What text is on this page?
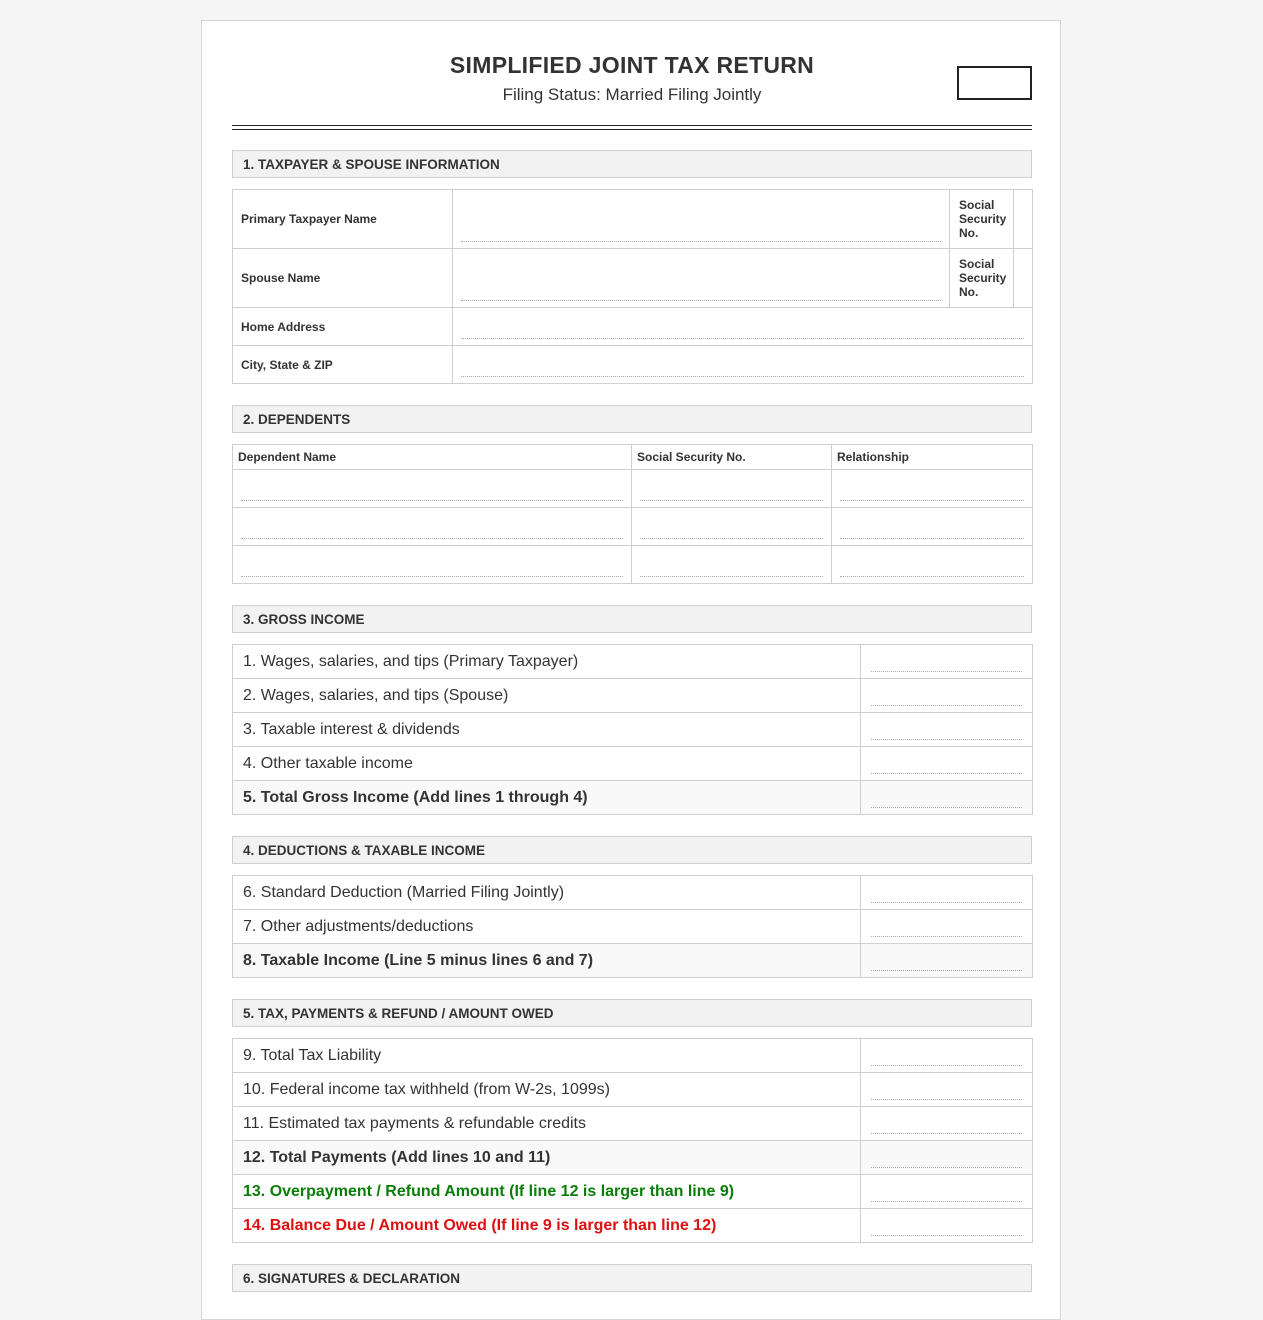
SIMPLIFIED JOINT TAX RETURN
Filing Status: Married Filing Jointly
1. TAXPAYER & SPOUSE INFORMATION
Primary Taxpayer Name		Social Security No.	
Spouse Name		Social Security No.	
Home Address			

City, State & ZIP			
2. DEPENDENTS
Dependent Name	Social Security No.	Relationship

3. GROSS INCOME
1. Wages, salaries, and tips (Primary Taxpayer)	

2. Wages, salaries, and tips (Spouse)	

3. Taxable interest & dividends	

4. Other taxable income	

5. Total Gross Income (Add lines 1 through 4)	
4. DEDUCTIONS & TAXABLE INCOME
6. Standard Deduction (Married Filing Jointly)	

7. Other adjustments/deductions	

8. Taxable Income (Line 5 minus lines 6 and 7)	
5. TAX, PAYMENTS & REFUND / AMOUNT OWED
9. Total Tax Liability	

10. Federal income tax withheld (from W-2s, 1099s)	

11. Estimated tax payments & refundable credits	

12. Total Payments (Add lines 10 and 11)	

13. Overpayment / Refund Amount (If line 12 is larger than line 9)	

14. Balance Due / Amount Owed (If line 9 is larger than line 12)	
6. SIGNATURES & DECLARATION
